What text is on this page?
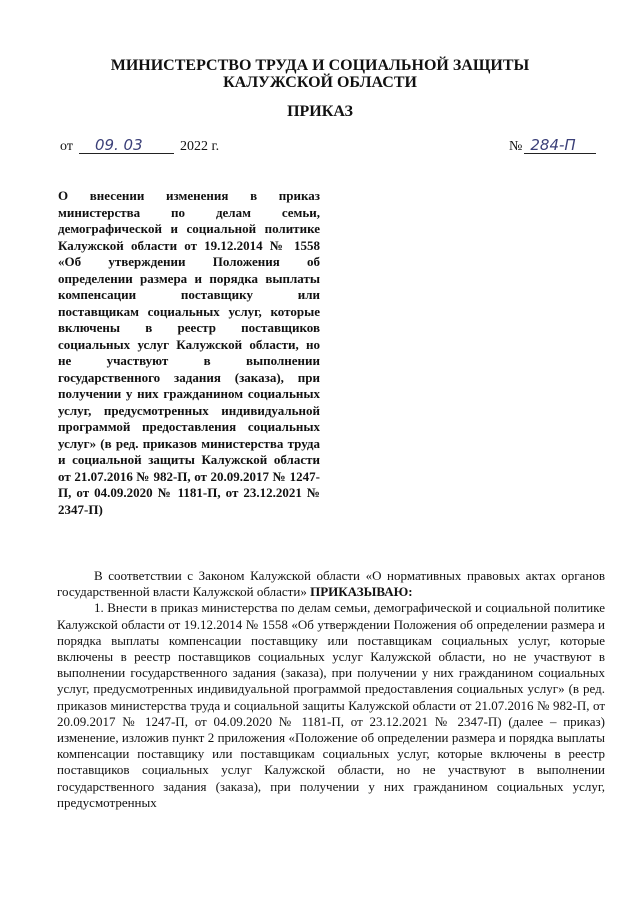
МИНИСТЕРСТВО ТРУДА И СОЦИАЛЬНОЙ ЗАЩИТЫ
КАЛУЖСКОЙ ОБЛАСТИ
ПРИКАЗ
от	09. 03	2022 г.	№ 284-П
О внесении изменения в приказ министерства по делам семьи, демографической и социальной политике Калужской области от 19.12.2014 № 1558 «Об утверждении Положения об определении размера и порядка выплаты компенсации поставщику или поставщикам социальных услуг, которые включены в реестр поставщиков социальных услуг Калужской области, но не участвуют в выполнении государственного задания (заказа), при получении у них гражданином социальных услуг, предусмотренных индивидуальной программой предоставления социальных услуг» (в ред. приказов министерства труда и социальной защиты Калужской области от 21.07.2016 № 982-П, от 20.09.2017 № 1247-П, от 04.09.2020 № 1181-П, от 23.12.2021 № 2347-П)

В соответствии с Законом Калужской области «О нормативных правовых актах органов государственной власти Калужской области» ПРИКАЗЫВАЮ:

1. Внести в приказ министерства по делам семьи, демографической и социальной политике Калужской области от 19.12.2014 № 1558 «Об утверждении Положения об определении размера и порядка выплаты компенсации поставщику или поставщикам социальных услуг, которые включены в реестр поставщиков социальных услуг Калужской области, но не участвуют в выполнении государственного задания (заказа), при получении у них гражданином социальных услуг, предусмотренных индивидуальной программой предоставления социальных услуг» (в ред. приказов министерства труда и социальной защиты Калужской области от 21.07.2016 № 982-П, от 20.09.2017 № 1247-П, от 04.09.2020 № 1181-П, от 23.12.2021 № 2347-П) (далее – приказ) изменение, изложив пункт 2 приложения «Положение об определении размера и порядка выплаты компенсации поставщику или поставщикам социальных услуг, которые включены в реестр поставщиков социальных услуг Калужской области, но не участвуют в выполнении государственного задания (заказа), при получении у них гражданином социальных услуг, предусмотренных
